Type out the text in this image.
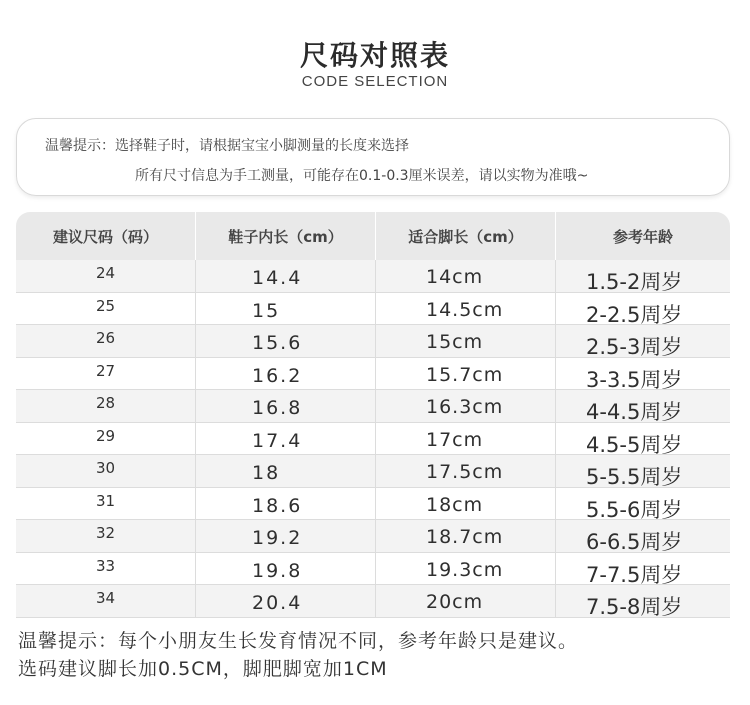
尺码对照表
CODE SELECTION
温馨提示：选择鞋子时，请根据宝宝小脚测量的长度来选择
所有尺寸信息为手工测量，可能存在0.1-0.3厘米误差，请以实物为准哦~
建议尺码（码）	鞋子内长（cm）	适合脚长（cm）	参考年龄
24	14.4	14cm	1.5-2周岁
25	15	14.5cm	2-2.5周岁
26	15.6	15cm	2.5-3周岁
27	16.2	15.7cm	3-3.5周岁
28	16.8	16.3cm	4-4.5周岁
29	17.4	17cm	4.5-5周岁
30	18	17.5cm	5-5.5周岁
31	18.6	18cm	5.5-6周岁
32	19.2	18.7cm	6-6.5周岁
33	19.8	19.3cm	7-7.5周岁
34	20.4	20cm	7.5-8周岁
温馨提示：每个小朋友生长发育情况不同，参考年龄只是建议。
选码建议脚长加0.5CM，脚肥脚宽加1CM
